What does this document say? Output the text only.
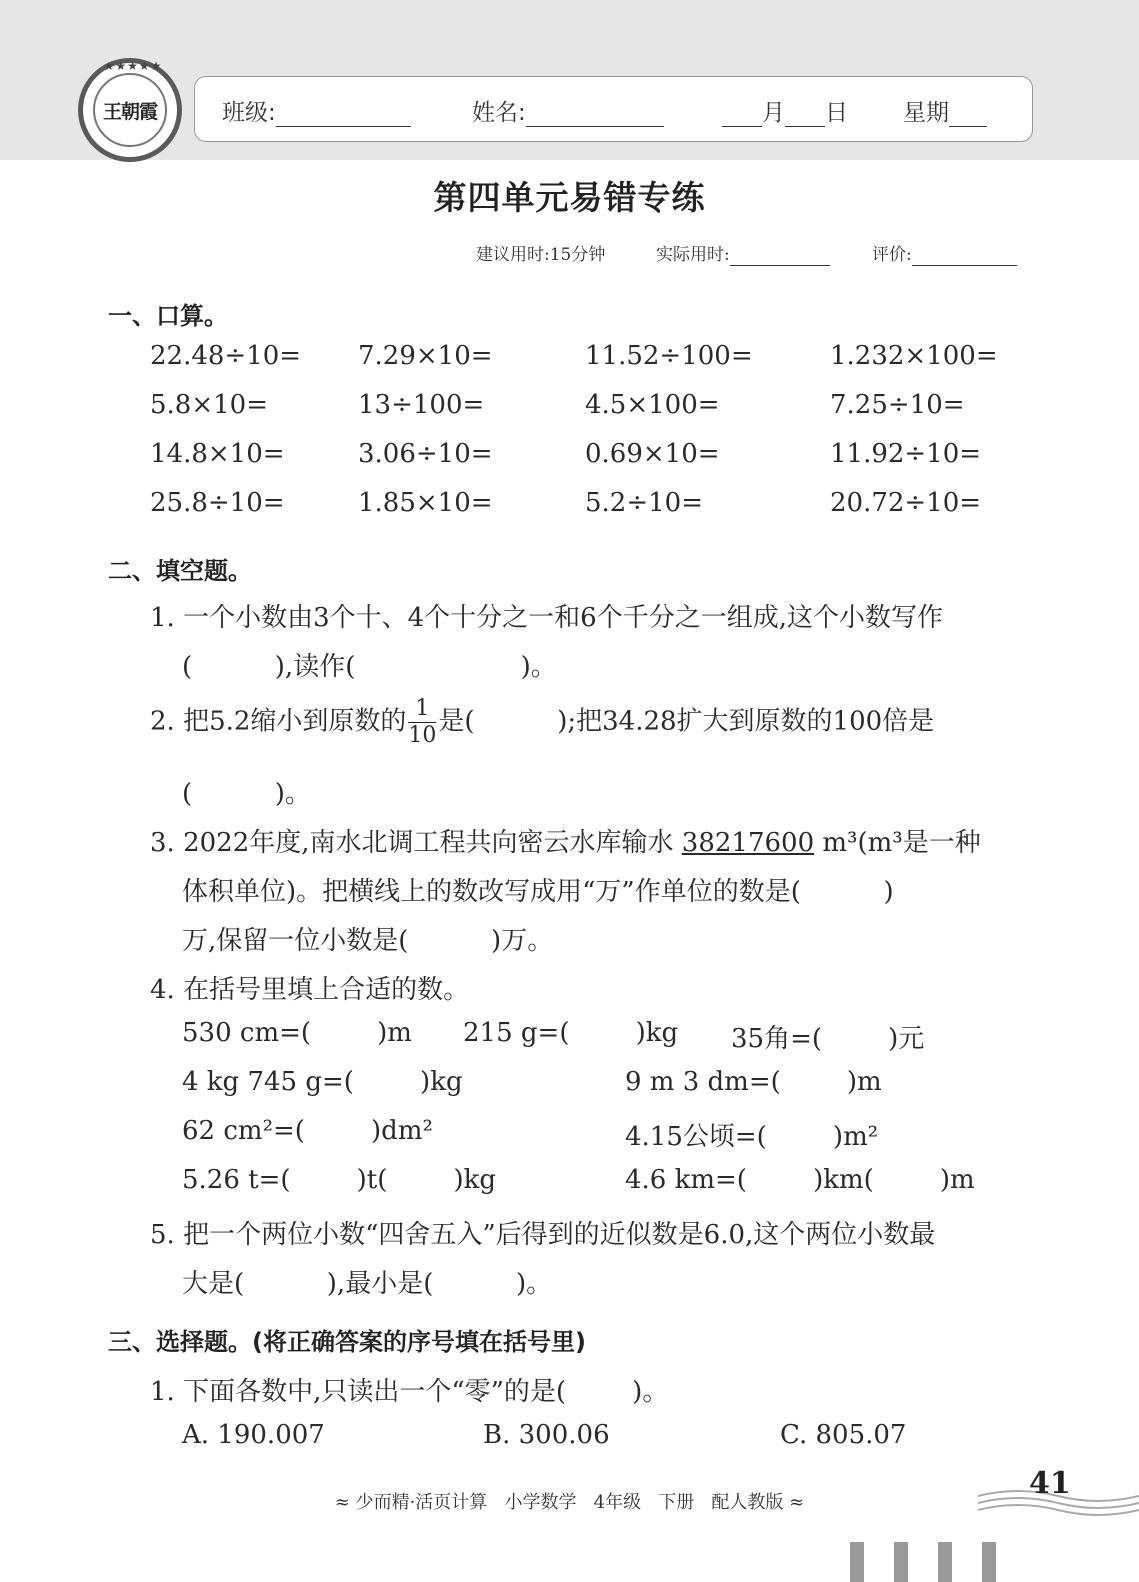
★★★★★
王朝霞	班级:	姓名:	月 日 星期
第四单元易错专练
建议用时:15分钟	实际用时:	评价:
一、口算。
22.48÷10= 7.29×10=	11.52÷100=	1.232×100=
5.8×10=	13÷100=	4.5×100=	7.25÷10=
14.8×10=	3.06÷10=	0.69×10=	11.92÷10=
25.8÷10=	1.85×10=	5.2÷10=	20.72÷10=
二、填空题。
1. 一个小数由3个十、4个十分之一和6个千分之一组成,这个小数写作
(          ),读作(                    )。
2. 把5.2缩小到原数的 $\frac{1}{10}$ 是(          );把34.28扩大到原数的100倍是
(          )。
3. 2022年度,南水北调工程共向密云水库输水 38217600 m³(m³是一种
体积单位)。把横线上的数改写成用“万”作单位的数是(          )
万,保留一位小数是(          )万。
4. 在括号里填上合适的数。
530 cm=(        )m 215 g=(        )kg 35角=(        )元
4 kg 745 g=(        )kg	9 m 3 dm=(        )m
62 cm²=(        )dm²	4.15公顷=(        )m²
5.26 t=(        )t(        )kg	4.6 km=(        )km(        )m
5. 把一个两位小数“四舍五入”后得到的近似数是6.0,这个两位小数最
大是(          ),最小是(          )。
三、选择题。(将正确答案的序号填在括号里)
1. 下面各数中,只读出一个“零”的是(        )。
A. 190.007	B. 300.06	C. 805.07
≈ 少而精·活页计算   小学数学   4年级   下册   配人教版 ≈
41
